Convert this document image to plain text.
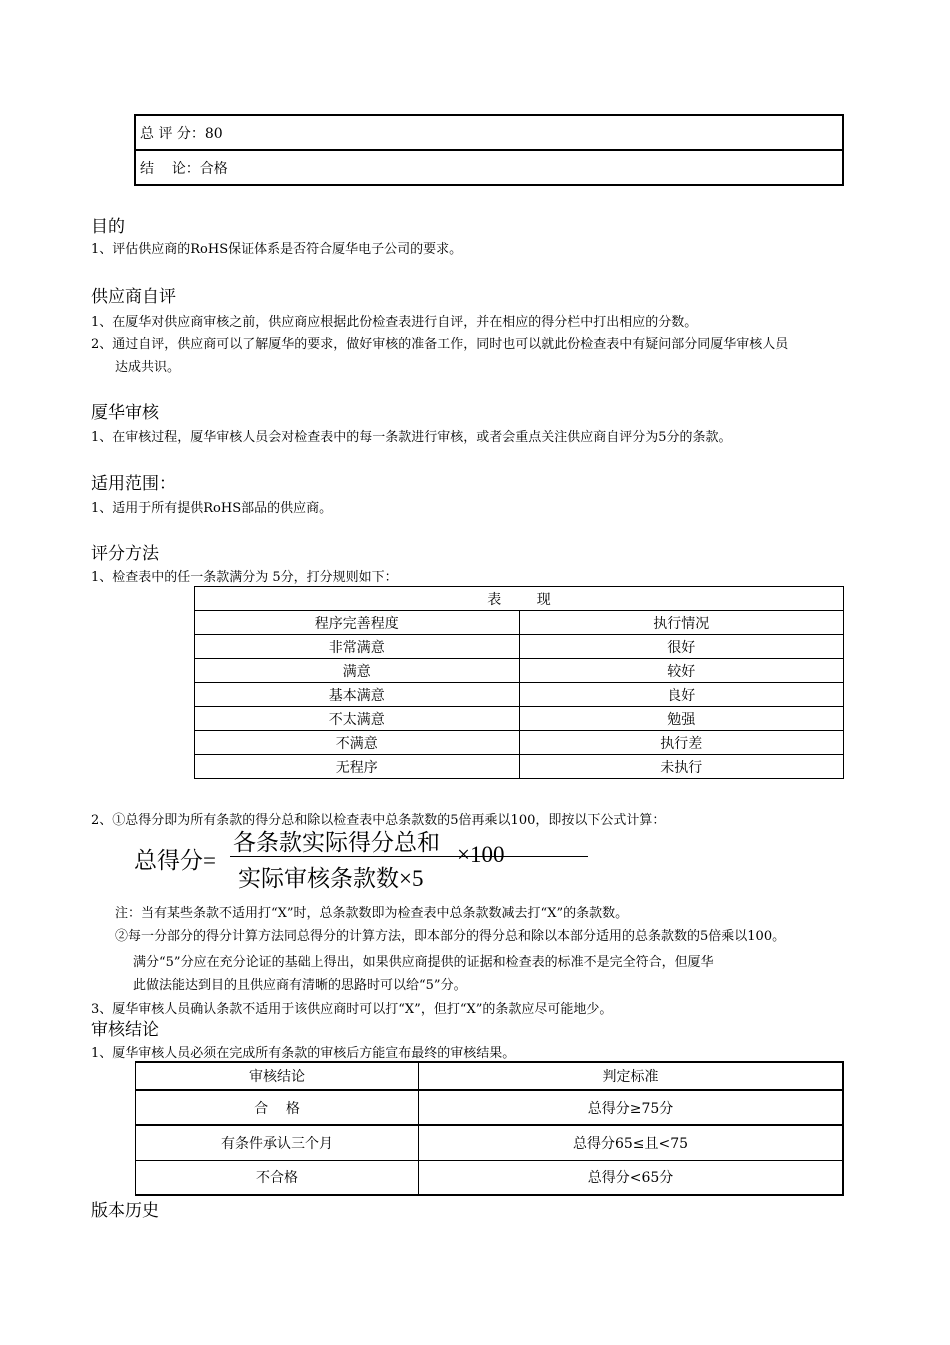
总 评 分：80
结    论：合格
目的
1、评估供应商的RoHS保证体系是否符合厦华电子公司的要求。
供应商自评
1、在厦华对供应商审核之前，供应商应根据此份检查表进行自评，并在相应的得分栏中打出相应的分数。
2、通过自评，供应商可以了解厦华的要求，做好审核的准备工作，同时也可以就此份检查表中有疑问部分同厦华审核人员
达成共识。
厦华审核
1、在审核过程，厦华审核人员会对检查表中的每一条款进行审核，或者会重点关注供应商自评分为5分的条款。
适用范围：
1、适用于所有提供RoHS部品的供应商。
评分方法
1、检查表中的任一条款满分为 5分，打分规则如下：
表        现	
程序完善程度	执行情况
非常满意	很好
满意	较好
基本满意	良好
不太满意	勉强
不满意	执行差
无程序	未执行
2、①总得分即为所有条款的得分总和除以检查表中总条款数的5倍再乘以100，即按以下公式计算：
总得分=
各条款实际得分总和
实际审核条款数×5
×100
注：当有某些条款不适用打“X”时，总条款数即为检查表中总条款数减去打“X”的条款数。
②每一分部分的得分计算方法同总得分的计算方法，即本部分的得分总和除以本部分适用的总条款数的5倍乘以100。
满分“5”分应在充分论证的基础上得出，如果供应商提供的证据和检查表的标准不是完全符合，但厦华
此做法能达到目的且供应商有清晰的思路时可以给“5”分。
3、厦华审核人员确认条款不适用于该供应商时可以打“X”，但打“X”的条款应尽可能地少。
审核结论
1、厦华审核人员必须在完成所有条款的审核后方能宣布最终的审核结果。
审核结论	判定标准
合    格	总得分≥75分
有条件承认三个月	总得分65≤且<75
不合格	总得分<65分
版本历史
